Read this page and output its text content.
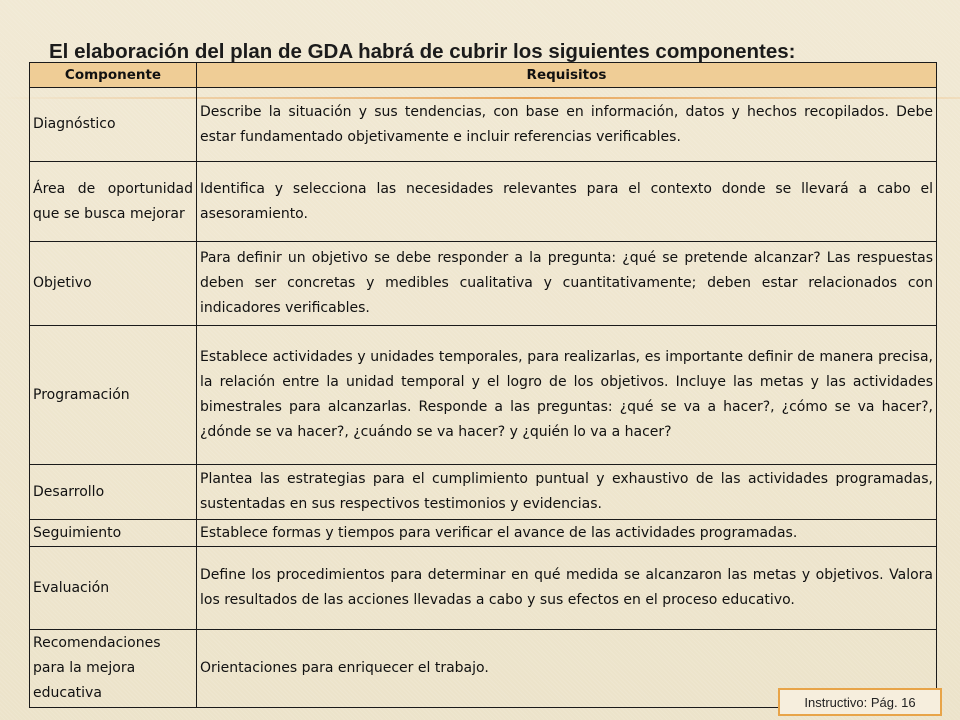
El elaboración del plan de GDA habrá de cubrir los siguientes componentes:
Componente	Requisitos
Diagnóstico	Describe la situación y sus tendencias, con base en información, datos y hechos recopilados. Debe estar fundamentado objetivamente e incluir referencias verificables.
Área de oportunidad que se busca mejorar	Identifica y selecciona las necesidades relevantes para el contexto donde se llevará a cabo el asesoramiento.
Objetivo	Para definir un objetivo se debe responder a la pregunta: ¿qué se pretende alcanzar? Las respuestas deben ser concretas y medibles cualitativa y cuantitativamente; deben estar relacionados con indicadores verificables.
Programación	Establece actividades y unidades temporales, para realizarlas, es importante definir de manera precisa, la relación entre la unidad temporal y el logro de los objetivos. Incluye las metas y las actividades bimestrales para alcanzarlas. Responde a las preguntas: ¿qué se va a hacer?, ¿cómo se va hacer?, ¿dónde se va hacer?, ¿cuándo se va hacer? y ¿quién lo va a hacer?
Desarrollo	Plantea las estrategias para el cumplimiento puntual y exhaustivo de las actividades programadas, sustentadas en sus respectivos testimonios y evidencias.
Seguimiento	Establece formas y tiempos para verificar el avance de las actividades programadas.
Evaluación	Define los procedimientos para determinar en qué medida se alcanzaron las metas y objetivos. Valora los resultados de las acciones llevadas a cabo y sus efectos en el proceso educativo.
Recomendaciones para la mejora educativa	Orientaciones para enriquecer el trabajo.
Instructivo: Pág. 16
